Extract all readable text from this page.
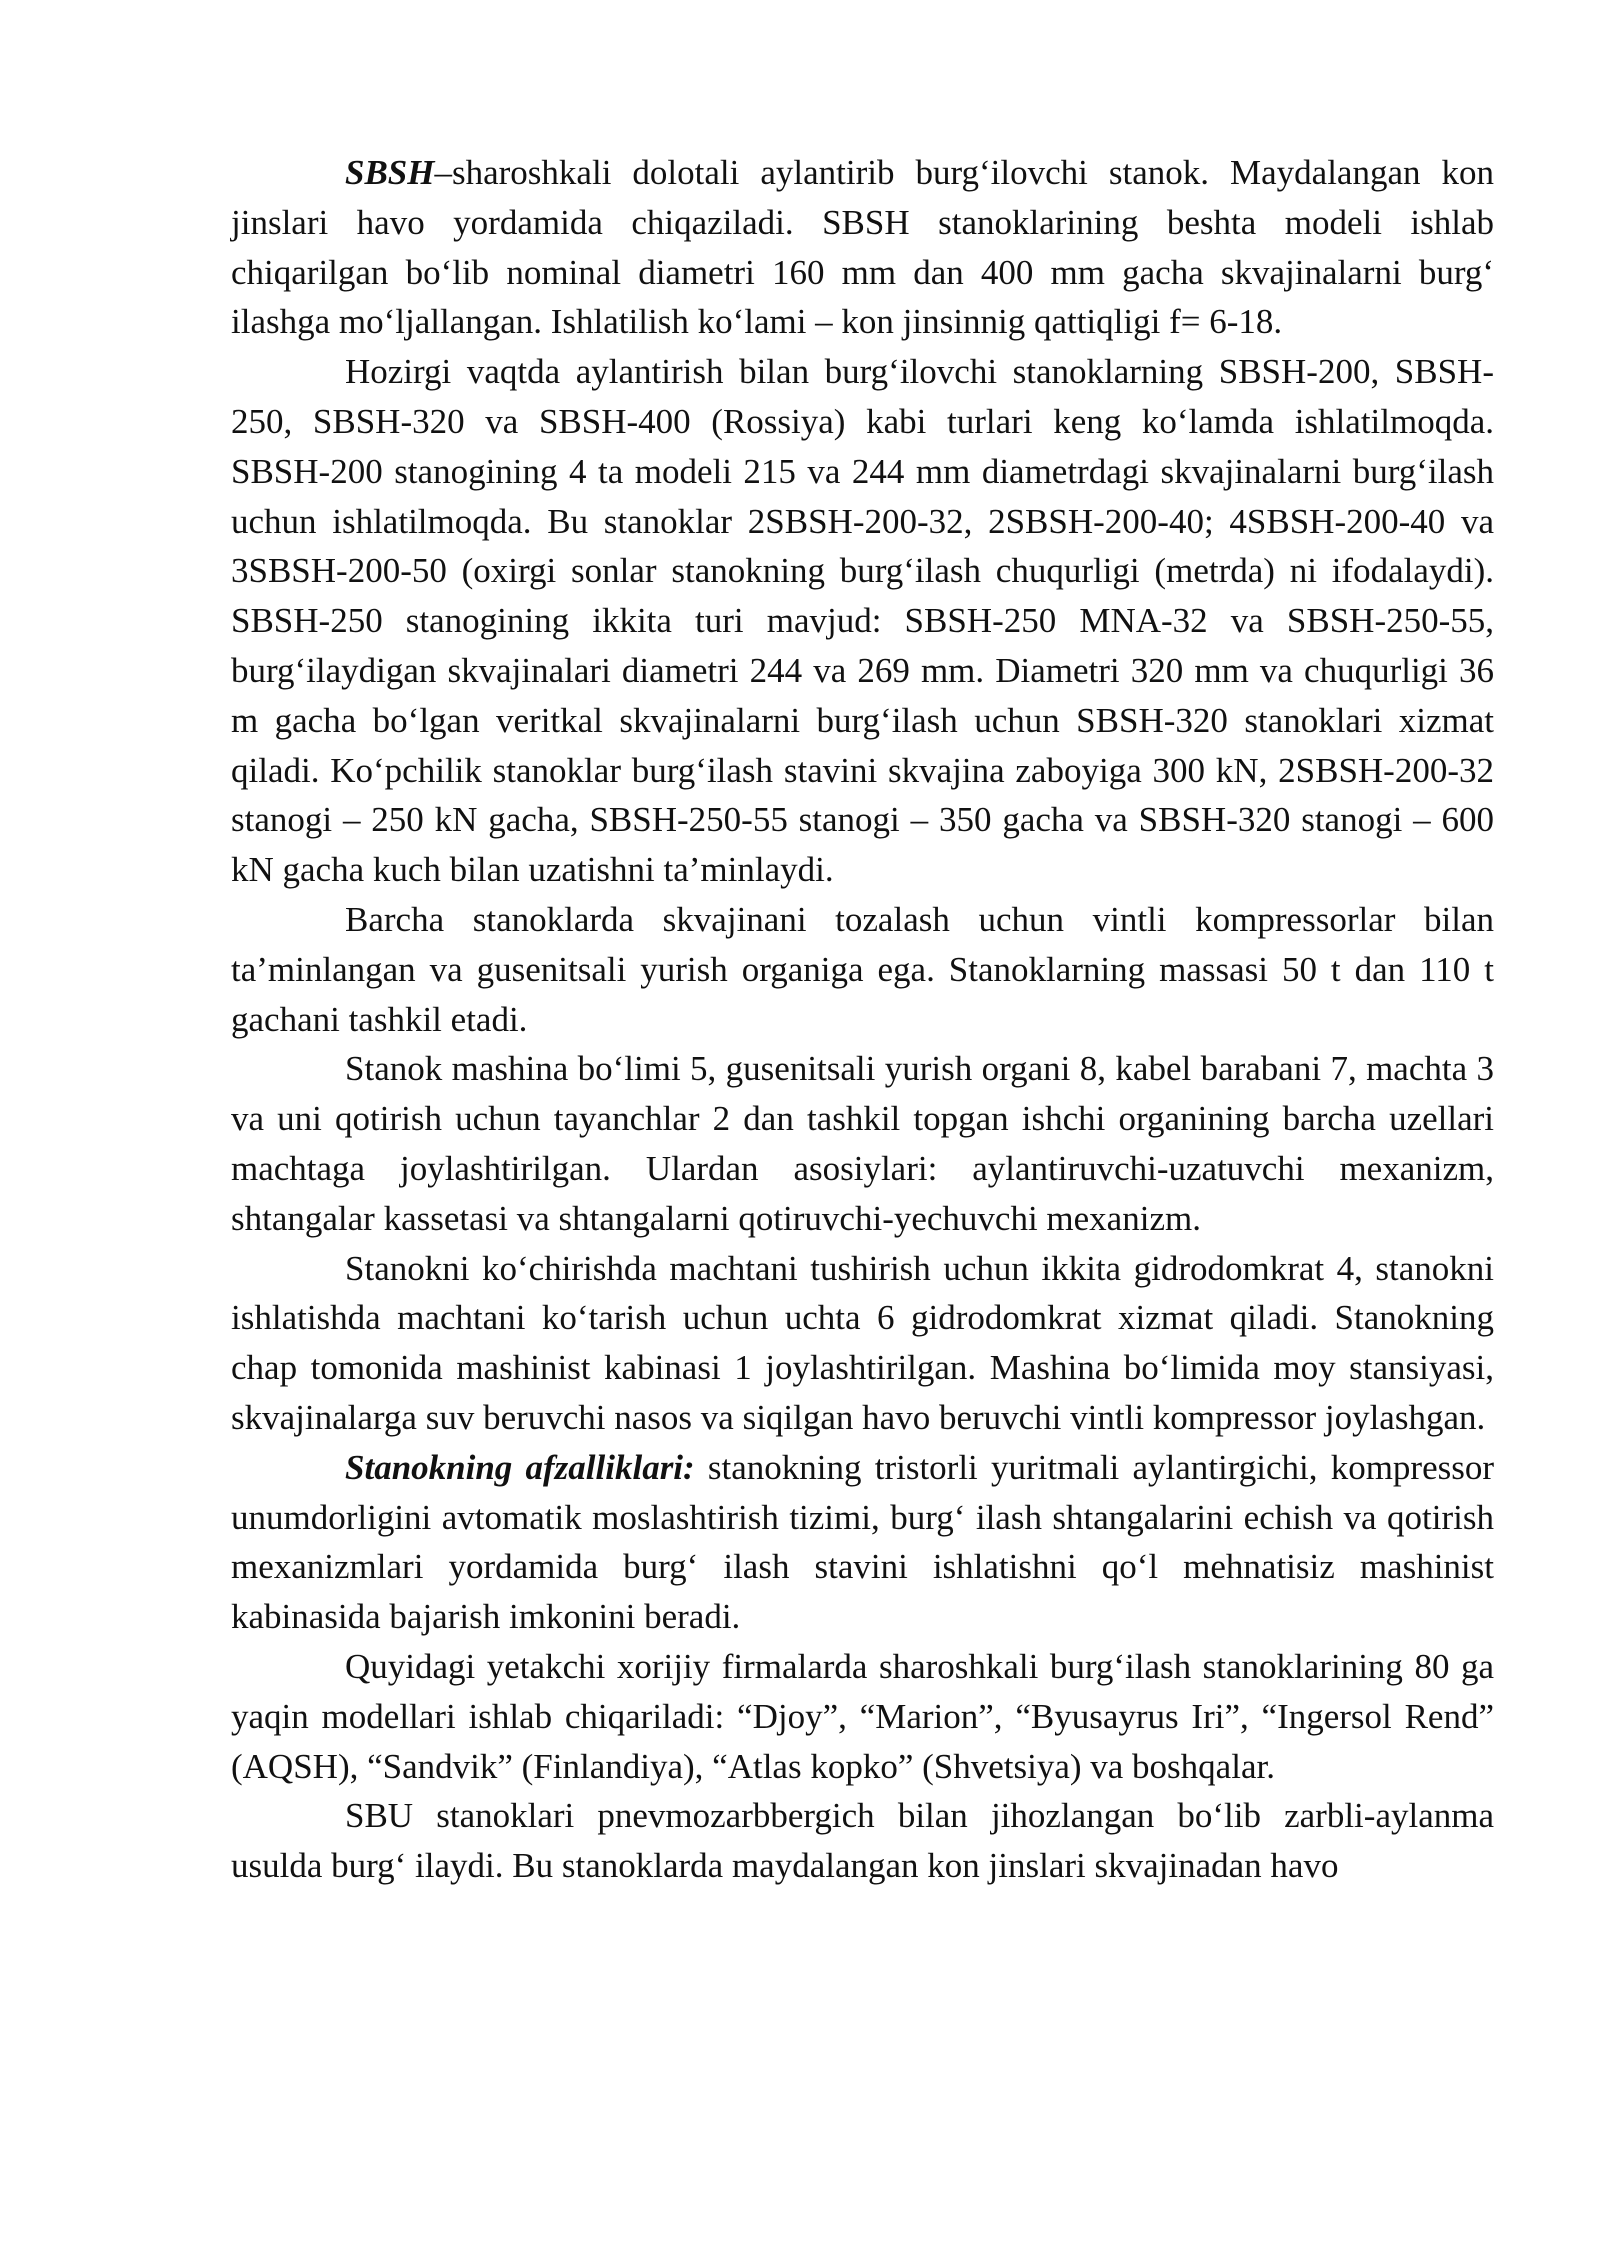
SBSH–sharoshkali dolotali aylantirib burg‘ilovchi stanok. Maydalangan kon jinslari havo yordamida chiqaziladi. SBSH stanoklarining beshta modeli ishlab chiqarilgan bo‘lib nominal diametri 160 mm dan 400 mm gacha skvajinalarni burg‘ ilashga mo‘ljallangan. Ishlatilish ko‘lami – kon jinsinnig qattiqligi f= 6-18.

Hozirgi vaqtda aylantirish bilan burg‘ilovchi stanoklarning SBSH-200, SBSH-250, SBSH-320 va SBSH-400 (Rossiya) kabi turlari keng ko‘lamda ishlatilmoqda. SBSH-200 stanogining 4 ta modeli 215 va 244 mm diametrdagi skvajinalarni burg‘ilash uchun ishlatilmoqda. Bu stanoklar 2SBSH-200-32, 2SBSH-200-40; 4SBSH-200-40 va 3SBSH-200-50 (oxirgi sonlar stanokning burg‘ilash chuqurligi (metrda) ni ifodalaydi). SBSH-250 stanogining ikkita turi mavjud: SBSH-250 MNA-32 va SBSH-250-55, burg‘ilaydigan skvajinalari diametri 244 va 269 mm. Diametri 320 mm va chuqurligi 36 m gacha bo‘lgan veritkal skvajinalarni burg‘ilash uchun SBSH-320 stanoklari xizmat qiladi. Ko‘pchilik stanoklar burg‘ilash stavini skvajina zaboyiga 300 kN, 2SBSH-200-32 stanogi – 250 kN gacha, SBSH-250-55 stanogi – 350 gacha va SBSH-320 stanogi – 600 kN gacha kuch bilan uzatishni ta’minlaydi.

Barcha stanoklarda skvajinani tozalash uchun vintli kompressorlar bilan ta’minlangan va gusenitsali yurish organiga ega. Stanoklarning massasi 50 t dan 110 t gachani tashkil etadi.

Stanok mashina bo‘limi 5, gusenitsali yurish organi 8, kabel barabani 7, machta 3 va uni qotirish uchun tayanchlar 2 dan tashkil topgan ishchi organining barcha uzellari machtaga joylashtirilgan. Ulardan asosiylari: aylantiruvchi-uzatuvchi mexanizm, shtangalar kassetasi va shtangalarni qotiruvchi-yechuvchi mexanizm.

Stanokni ko‘chirishda machtani tushirish uchun ikkita gidrodomkrat 4, stanokni ishlatishda machtani ko‘tarish uchun uchta 6 gidrodomkrat xizmat qiladi. Stanokning chap tomonida mashinist kabinasi 1 joylashtirilgan. Mashina bo‘limida moy stansiyasi, skvajinalarga suv beruvchi nasos va siqilgan havo beruvchi vintli kompressor joylashgan.

Stanokning afzalliklari: stanokning tristorli yuritmali aylantirgichi, kompressor unumdorligini avtomatik moslashtirish tizimi, burg‘ ilash shtangalarini echish va qotirish mexanizmlari yordamida burg‘ ilash stavini ishlatishni qo‘l mehnatisiz mashinist kabinasida bajarish imkonini beradi.

Quyidagi yetakchi xorijiy firmalarda sharoshkali burg‘ilash stanoklarining 80 ga yaqin modellari ishlab chiqariladi: “Djoy”, “Marion”, “Byusayrus Iri”, “Ingersol Rend” (AQSH), “Sandvik” (Finlandiya), “Atlas kopko” (Shvetsiya) va boshqalar.

SBU stanoklari pnevmozarbbergich bilan jihozlangan bo‘lib zarbli-aylanma usulda burg‘ ilaydi. Bu stanoklarda maydalangan kon jinslari skvajinadan havo
